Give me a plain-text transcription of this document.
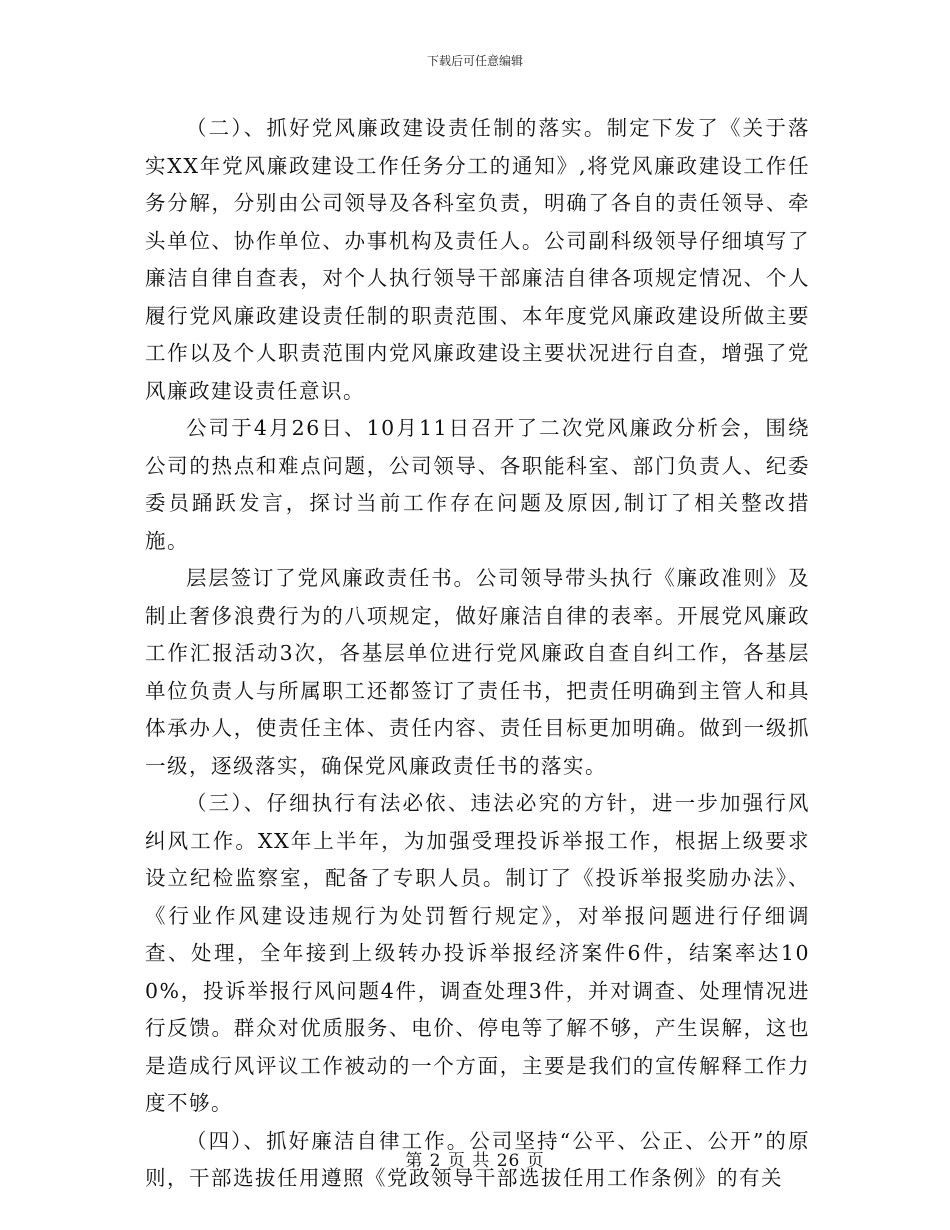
下载后可任意编辑

（二）、抓好党风廉政建设责任制的落实。制定下发了《关于落实XX年党风廉政建设工作任务分工的通知》,将党风廉政建设工作任务分解，分别由公司领导及各科室负责，明确了各自的责任领导、牵头单位、协作单位、办事机构及责任人。公司副科级领导仔细填写了廉洁自律自查表，对个人执行领导干部廉洁自律各项规定情况、个人履行党风廉政建设责任制的职责范围、本年度党风廉政建设所做主要工作以及个人职责范围内党风廉政建设主要状况进行自查，增强了党风廉政建设责任意识。

公司于4月26日、10月11日召开了二次党风廉政分析会，围绕公司的热点和难点问题，公司领导、各职能科室、部门负责人、纪委委员踊跃发言，探讨当前工作存在问题及原因,制订了相关整改措施。

层层签订了党风廉政责任书。公司领导带头执行《廉政准则》及制止奢侈浪费行为的八项规定，做好廉洁自律的表率。开展党风廉政工作汇报活动3次，各基层单位进行党风廉政自查自纠工作，各基层单位负责人与所属职工还都签订了责任书，把责任明确到主管人和具体承办人，使责任主体、责任内容、责任目标更加明确。做到一级抓一级，逐级落实，确保党风廉政责任书的落实。

（三）、仔细执行有法必依、违法必究的方针，进一步加强行风纠风工作。XX年上半年，为加强受理投诉举报工作，根据上级要求设立纪检监察室，配备了专职人员。制订了《投诉举报奖励办法》、《行业作风建设违规行为处罚暂行规定》，对举报问题进行仔细调查、处理，全年接到上级转办投诉举报经济案件6件，结案率达100%，投诉举报行风问题4件，调查处理3件，并对调查、处理情况进行反馈。群众对优质服务、电价、停电等了解不够，产生误解，这也是造成行风评议工作被动的一个方面，主要是我们的宣传解释工作力度不够。

（四）、抓好廉洁自律工作。公司坚持“公平、公正、公开”的原则，干部选拔任用遵照《党政领导干部选拔任用工作条例》的有关

第 2 页 共 26 页
